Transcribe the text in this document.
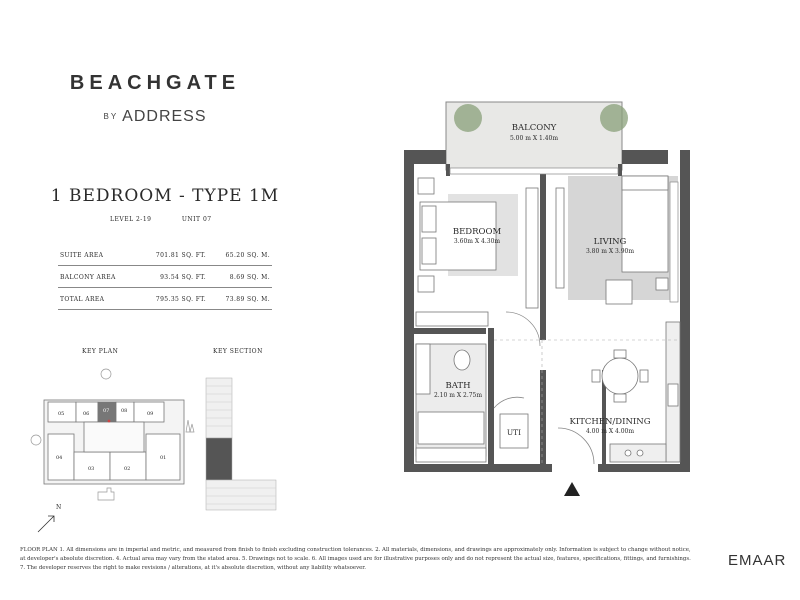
BEACHGATE
BY ADDRESS
1 BEDROOM - TYPE 1M
LEVEL 2-19	UNIT 07
SUITE AREA	701.81 SQ. FT.	65.20 SQ. M.
BALCONY AREA	93.54 SQ. FT.	8.69 SQ. M.
TOTAL AREA	795.35 SQ. FT.	73.89 SQ. M.
KEY PLAN	KEY SECTION
05	06	07 08	09
04	01
03	02
N
BALCONY
5.00 m X 1.40m
BEDROOM
3.60m X 4.30m	LIVING
3.80 m X 3.90m
BATH
2.10 m X 2.75m
UTI
KITCHEN/DINING
4.00 m X 4.00m
FLOOR PLAN 1. All dimensions are in imperial and metric, and measured from finish to finish excluding construction tolerances. 2. All materials, dimensions, and drawings are approximately only. Information is subject to change without notice,
at developer's absolute discretion. 4. Actual area may vary from the stated area. 5. Drawings not to scale. 6. All images used are for illustrative purposes only and do not represent the actual size, features, specifications, fittings, and furnishings.
7. The developer reserves the right to make revisions / alterations, at it's absolute discretion, without any liability whatsoever.	EMAAR
